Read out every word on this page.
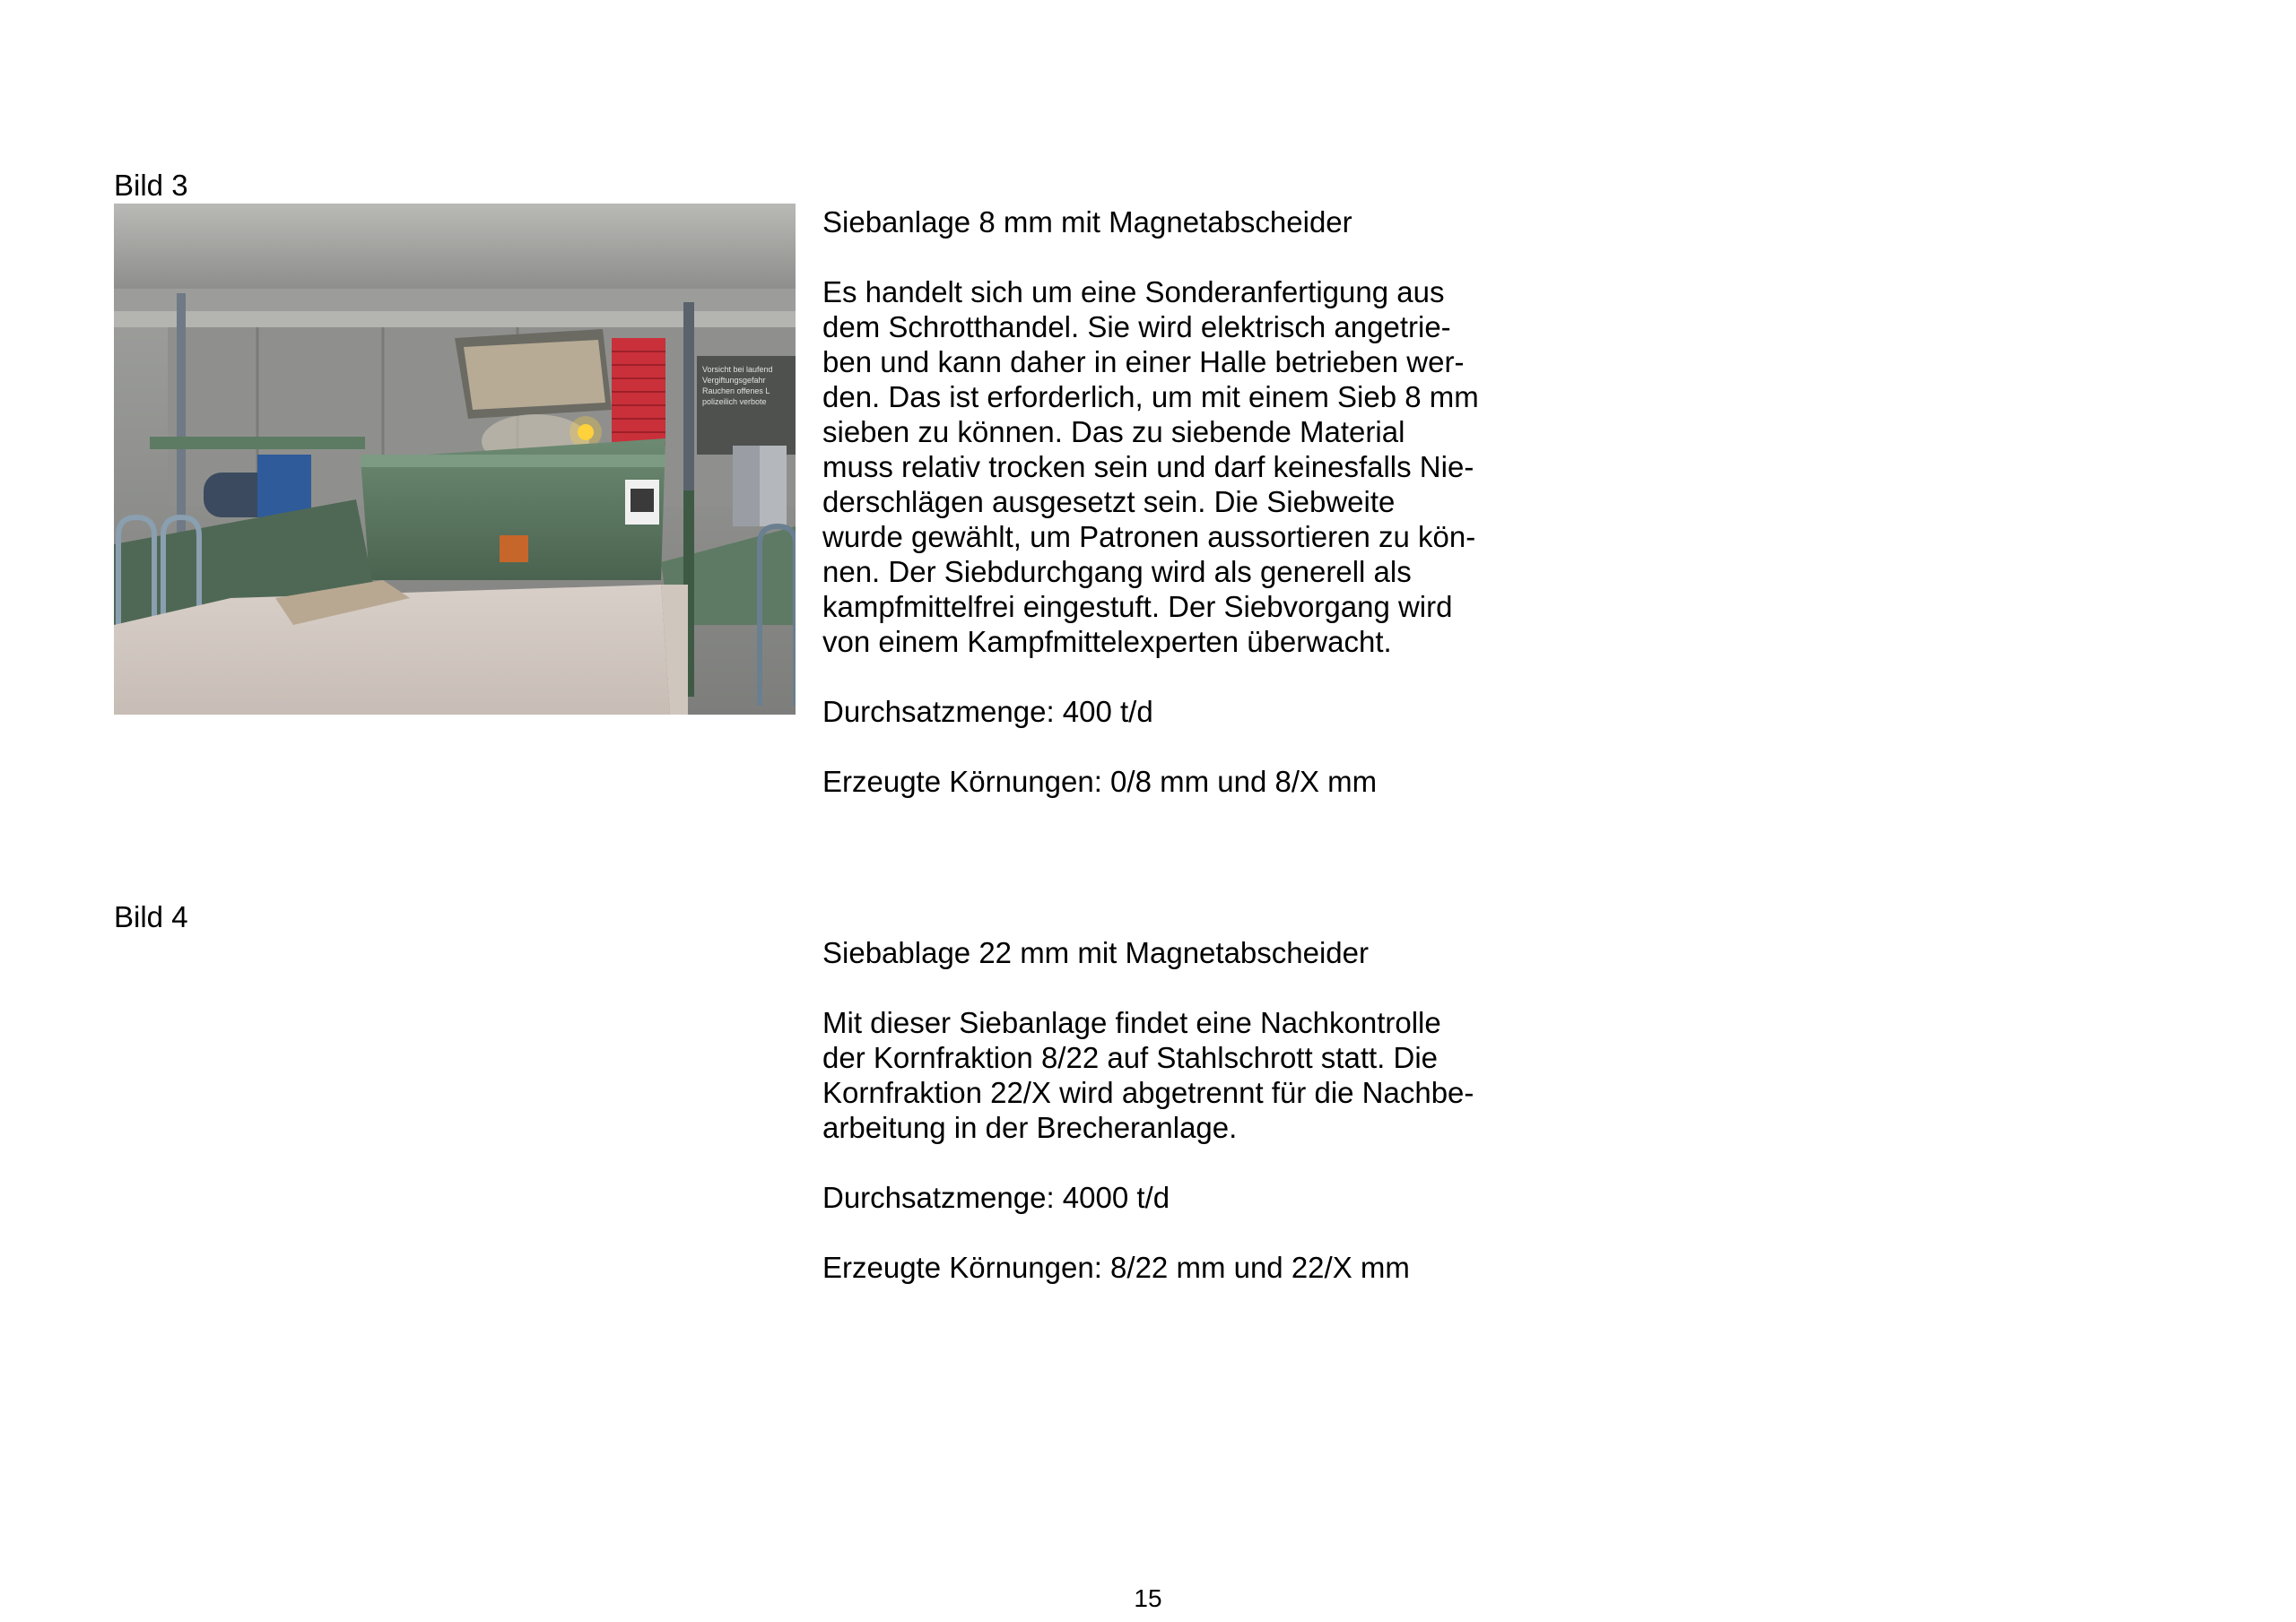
Bild 3
Vorsicht bei laufend
Vergiftungsgefahr
Rauchen offenes L
polizeilich verbote

Siebanlage 8 mm mit Magnetabscheider

Es handelt sich um eine Sonderanfertigung aus
dem Schrotthandel. Sie wird elektrisch angetrie-
ben und kann daher in einer Halle betrieben wer-
den. Das ist erforderlich, um mit einem Sieb 8 mm
sieben zu können. Das zu siebende Material
muss relativ trocken sein und darf keinesfalls Nie-
derschlägen ausgesetzt sein. Die Siebweite
wurde gewählt, um Patronen aussortieren zu kön-
nen. Der Siebdurchgang wird als generell als
kampfmittelfrei eingestuft. Der Siebvorgang wird
von einem Kampfmittelexperten überwacht.

Durchsatzmenge: 400 t/d

Erzeugte Körnungen: 0/8 mm und 8/X mm

Bild 4

Siebablage 22 mm mit Magnetabscheider

Mit dieser Siebanlage findet eine Nachkontrolle
der Kornfraktion 8/22 auf Stahlschrott statt. Die
Kornfraktion 22/X wird abgetrennt für die Nachbe-
arbeitung in der Brecheranlage.

Durchsatzmenge: 4000 t/d

Erzeugte Körnungen: 8/22 mm und 22/X mm

15
